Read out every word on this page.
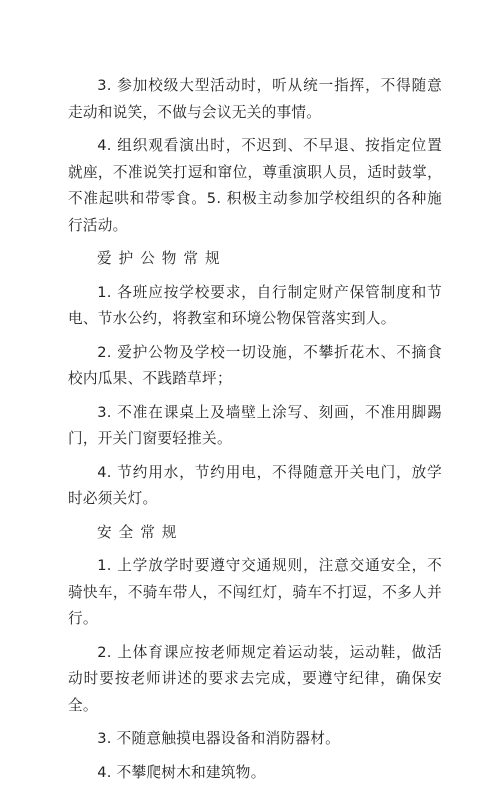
3. 参加校级大型活动时，听从统一指挥，不得随意走动和说笑，不做与会议无关的事情。

4. 组织观看演出时，不迟到、不早退、按指定位置就座，不准说笑打逗和窜位，尊重演职人员，适时鼓掌，不准起哄和带零食。5. 积极主动参加学校组织的各种施行活动。

爱护公物常规

1. 各班应按学校要求，自行制定财产保管制度和节电、节水公约，将教室和环境公物保管落实到人。

2. 爱护公物及学校一切设施，不攀折花木、不摘食校内瓜果、不践踏草坪；

3. 不准在课桌上及墙壁上涂写、刻画，不准用脚踢门，开关门窗要轻推关。

4. 节约用水，节约用电，不得随意开关电门，放学时必须关灯。

安全常规

1. 上学放学时要遵守交通规则，注意交通安全，不骑快车，不骑车带人，不闯红灯，骑车不打逗，不多人并行。

2. 上体育课应按老师规定着运动装，运动鞋，做活动时要按老师讲述的要求去完成，要遵守纪律，确保安全。

3. 不随意触摸电器设备和消防器材。

4. 不攀爬树木和建筑物。
